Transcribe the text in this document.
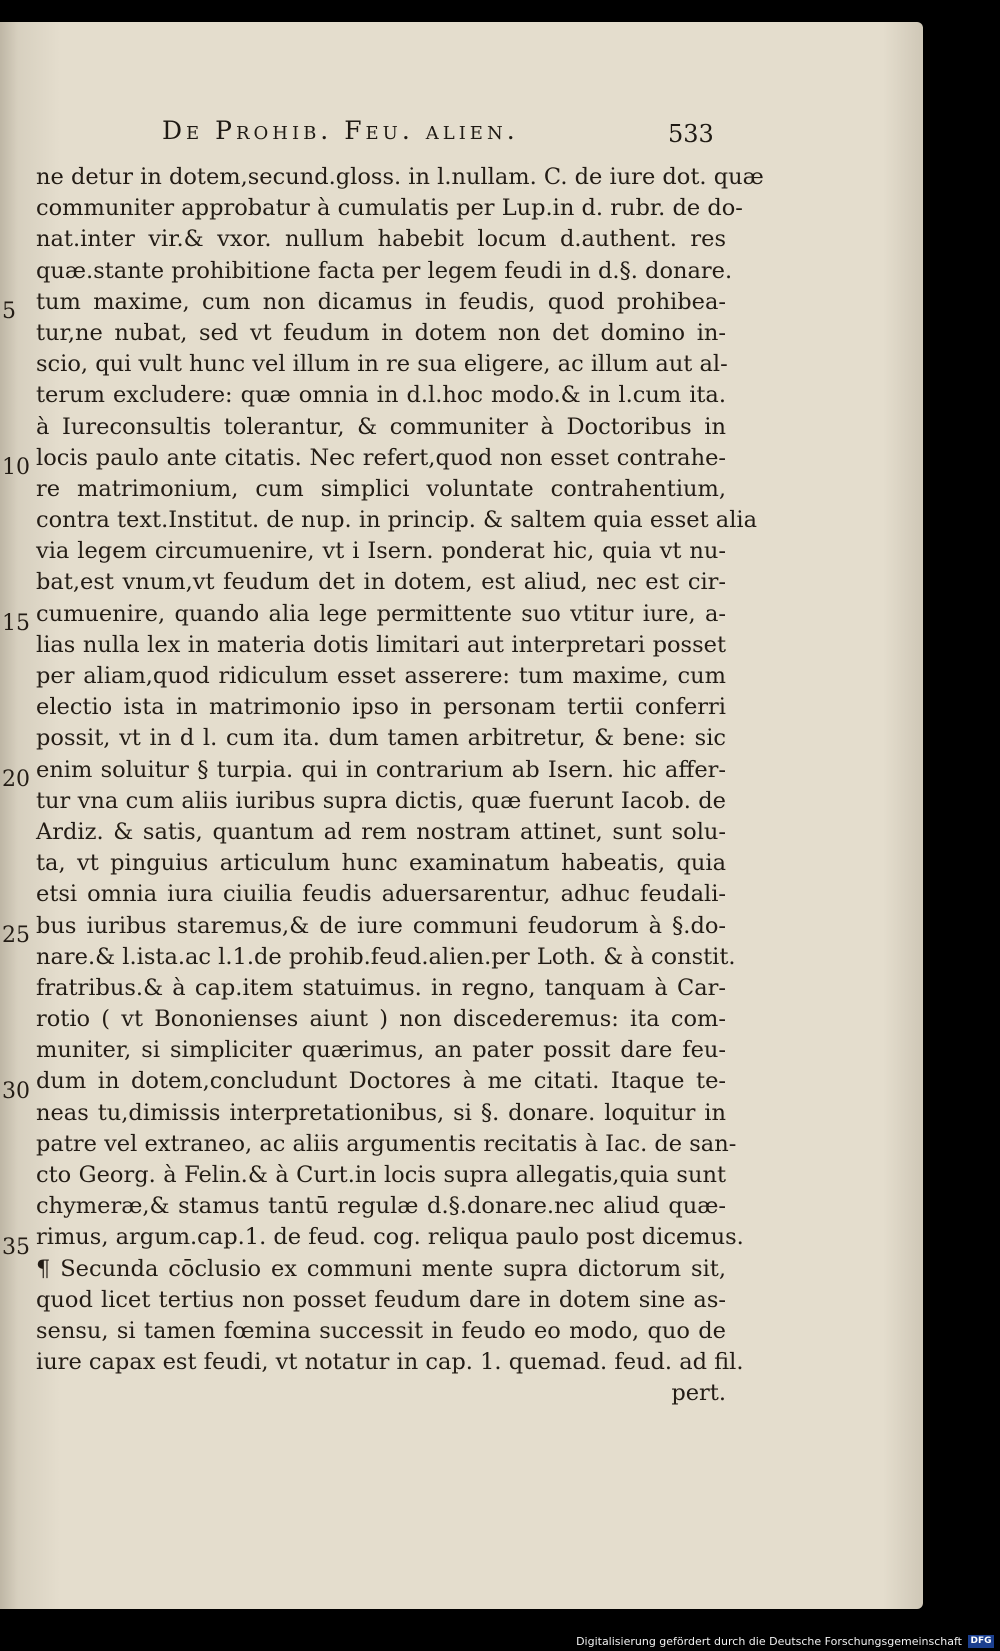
De Prohib. Feu. alien.	533
5
10
15
20
25
30
35
ne detur in dotem,secund.gloss. in l.nullam. C. de iure dot. quæ
communiter approbatur à cumulatis per Lup.in d. rubr. de do-
nat.inter vir.& vxor. nullum habebit locum d.authent. res
quæ.stante prohibitione facta per legem feudi in d.§. donare.
tum maxime, cum non dicamus in feudis, quod prohibea-
tur,ne nubat, sed vt feudum in dotem non det domino in-
scio, qui vult hunc vel illum in re sua eligere, ac illum aut al-
terum excludere: quæ omnia in d.l.hoc modo.& in l.cum ita.
à Iureconsultis tolerantur, & communiter à Doctoribus in
locis paulo ante citatis. Nec refert,quod non esset contrahe-
re matrimonium, cum simplici voluntate contrahentium,
contra text.Institut. de nup. in princip. & saltem quia esset alia
via legem circumuenire, vt i Isern. ponderat hic, quia vt nu-
bat,est vnum,vt feudum det in dotem, est aliud, nec est cir-
cumuenire, quando alia lege permittente suo vtitur iure, a-
lias nulla lex in materia dotis limitari aut interpretari posset
per aliam,quod ridiculum esset asserere: tum maxime, cum
electio ista in matrimonio ipso in personam tertii conferri
possit, vt in d l. cum ita. dum tamen arbitretur, & bene: sic
enim soluitur § turpia. qui in contrarium ab Isern. hic affer-
tur vna cum aliis iuribus supra dictis, quæ fuerunt Iacob. de
Ardiz. & satis, quantum ad rem nostram attinet, sunt solu-
ta, vt pinguius articulum hunc examinatum habeatis, quia
etsi omnia iura ciuilia feudis aduersarentur, adhuc feudali-
bus iuribus staremus,& de iure communi feudorum à §.do-
nare.& l.ista.ac l.1.de prohib.feud.alien.per Loth. & à constit.
fratribus.& à cap.item statuimus. in regno, tanquam à Car-
rotio ( vt Bononienses aiunt ) non discederemus: ita com-
muniter, si simpliciter quærimus, an pater possit dare feu-
dum in dotem,concludunt Doctores à me citati. Itaque te-
neas tu,dimissis interpretationibus, si §. donare. loquitur in
patre vel extraneo, ac aliis argumentis recitatis à Iac. de san-
cto Georg. à Felin.& à Curt.in locis supra allegatis,quia sunt
chymeræ,& stamus tantū regulæ d.§.donare.nec aliud quæ-
rimus, argum.cap.1. de feud. cog. reliqua paulo post dicemus.
¶ Secunda cōclusio ex communi mente supra dictorum sit,
quod licet tertius non posset feudum dare in dotem sine as-
sensu, si tamen fœmina successit in feudo eo modo, quo de
iure capax est feudi, vt notatur in cap. 1. quemad. feud. ad fil.
pert.
Digitalisierung gefördert durch die Deutsche Forschungsgemeinschaft DFG
